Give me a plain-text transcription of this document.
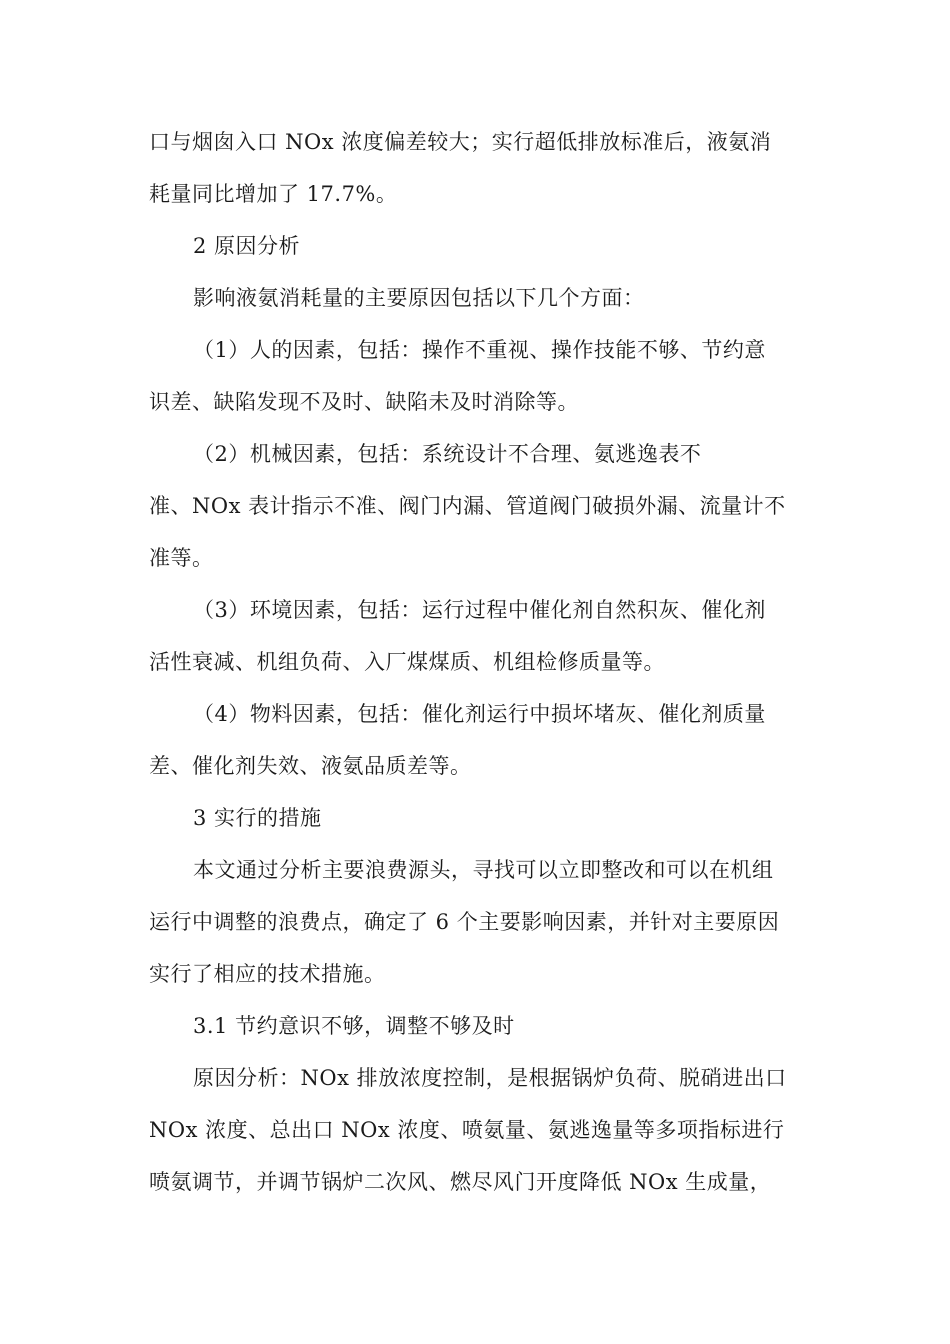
口与烟囱入口 NOx 浓度偏差较大；实行超低排放标准后，液氨消
耗量同比增加了 17.7%。

2 原因分析

影响液氨消耗量的主要原因包括以下几个方面：

（1）人的因素，包括：操作不重视、操作技能不够、节约意
识差、缺陷发现不及时、缺陷未及时消除等。

（2）机械因素，包括：系统设计不合理、氨逃逸表不
准、NOx 表计指示不准、阀门内漏、管道阀门破损外漏、流量计不
准等。

（3）环境因素，包括：运行过程中催化剂自然积灰、催化剂
活性衰减、机组负荷、入厂煤煤质、机组检修质量等。

（4）物料因素，包括：催化剂运行中损坏堵灰、催化剂质量
差、催化剂失效、液氨品质差等。

3 实行的措施

本文通过分析主要浪费源头，寻找可以立即整改和可以在机组
运行中调整的浪费点，确定了 6 个主要影响因素，并针对主要原因
实行了相应的技术措施。

3.1 节约意识不够，调整不够及时

原因分析：NOx 排放浓度控制，是根据锅炉负荷、脱硝进出口
NOx 浓度、总出口 NOx 浓度、喷氨量、氨逃逸量等多项指标进行
喷氨调节，并调节锅炉二次风、燃尽风门开度降低 NOx 生成量，
